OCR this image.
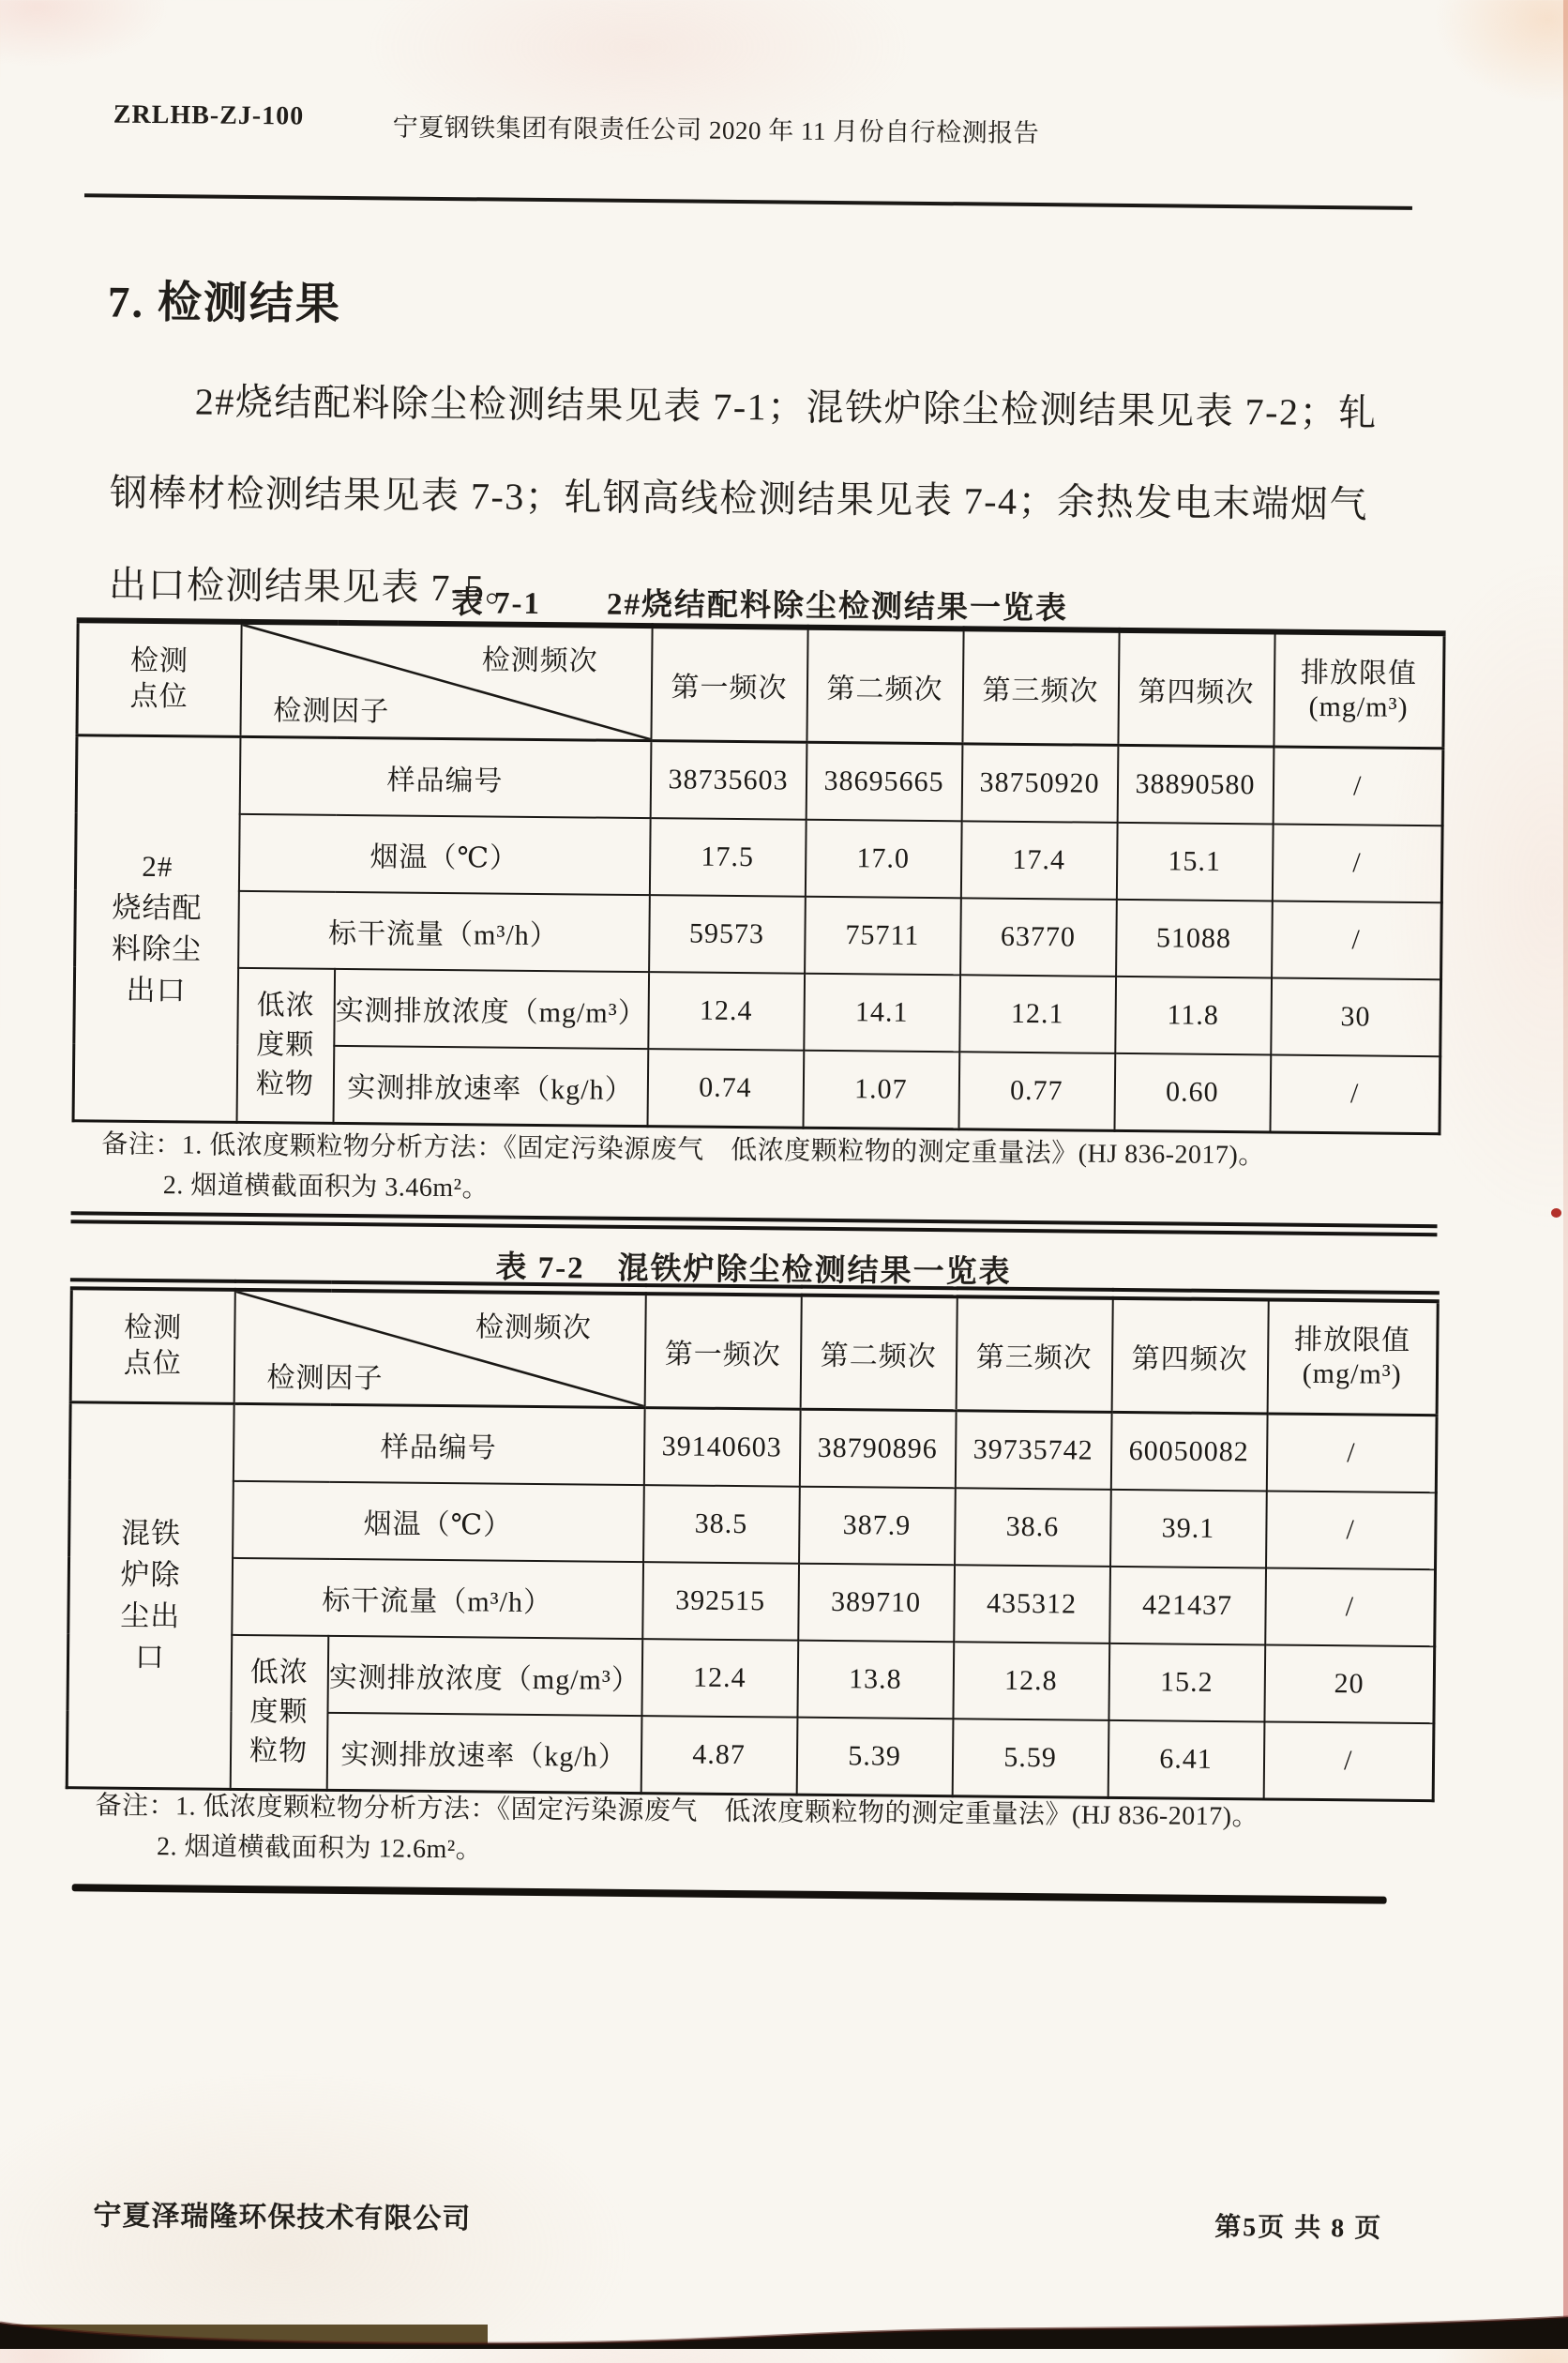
ZRLHB-ZJ-100	宁夏钢铁集团有限责任公司 2020 年 11 月份自行检测报告
7. 检测结果
2#烧结配料除尘检测结果见表 7-1；混铁炉除尘检测结果见表 7-2；轧
钢棒材检测结果见表 7-3；轧钢高线检测结果见表 7-4；余热发电末端烟气
出口检测结果见表 7-5。
表 7-1　　2#烧结配料除尘检测结果一览表
检测
点位	检测频次
检测因子		第一频次	第二频次	第三频次	第四频次	排放限值
(mg/m³)

2#
烧结配
料除尘
出口	样品编号		38735603	38695665	38750920	38890580	/
	烟温（℃）		17.5	17.0	17.4	15.1	/
	标干流量（m³/h）		59573	75711	63770	51088	/

	低浓
度颗
粒物	实测排放浓度（mg/m³）	12.4	14.1	12.1	11.8	30
		实测排放速率（kg/h）	0.74	1.07	0.77	0.60	/
备注：1. 低浓度颗粒物分析方法：《固定污染源废气　低浓度颗粒物的测定重量法》(HJ 836-2017)。
2. 烟道横截面积为 3.46m²。
表 7-2　混铁炉除尘检测结果一览表
检测
点位	检测频次
检测因子		第一频次	第二频次	第三频次	第四频次	排放限值
(mg/m³)

混铁
炉除
尘出
口	样品编号		39140603	38790896	39735742	60050082	/
	烟温（℃）		38.5	387.9	38.6	39.1	/
	标干流量（m³/h）		392515	389710	435312	421437	/

	低浓
度颗
粒物	实测排放浓度（mg/m³）	12.4	13.8	12.8	15.2	20
		实测排放速率（kg/h）	4.87	5.39	5.59	6.41	/
备注：1. 低浓度颗粒物分析方法：《固定污染源废气　低浓度颗粒物的测定重量法》(HJ 836-2017)。
2. 烟道横截面积为 12.6m²。
宁夏泽瑞隆环保技术有限公司	第5页 共 8 页
